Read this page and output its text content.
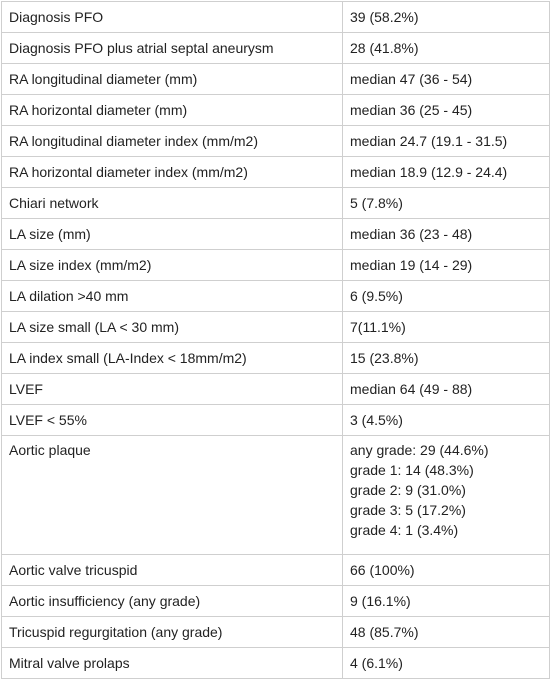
Diagnosis PFO	39 (58.2%)
Diagnosis PFO plus atrial septal aneurysm	28 (41.8%)
RA longitudinal diameter (mm)	median 47 (36 - 54)
RA horizontal diameter (mm)	median 36 (25 - 45)
RA longitudinal diameter index (mm/m2)	median 24.7 (19.1 - 31.5)
RA horizontal diameter index (mm/m2)	median 18.9 (12.9 - 24.4)
Chiari network	5 (7.8%)
LA size (mm)	median 36 (23 - 48)
LA size index (mm/m2)	median 19 (14 - 29)
LA dilation >40 mm	6 (9.5%)
LA size small (LA < 30 mm)	7(11.1%)
LA index small (LA-Index < 18mm/m2)	15 (23.8%)
LVEF	median 64 (49 - 88)
LVEF < 55%	3 (4.5%)
Aortic plaque	any grade: 29 (44.6%)
grade 1: 14 (48.3%)
grade 2: 9 (31.0%)
grade 3: 5 (17.2%)
grade 4: 1 (3.4%)

Aortic valve tricuspid	66 (100%)
Aortic insufficiency (any grade)	9 (16.1%)
Tricuspid regurgitation (any grade)	48 (85.7%)
Mitral valve prolaps	4 (6.1%)
